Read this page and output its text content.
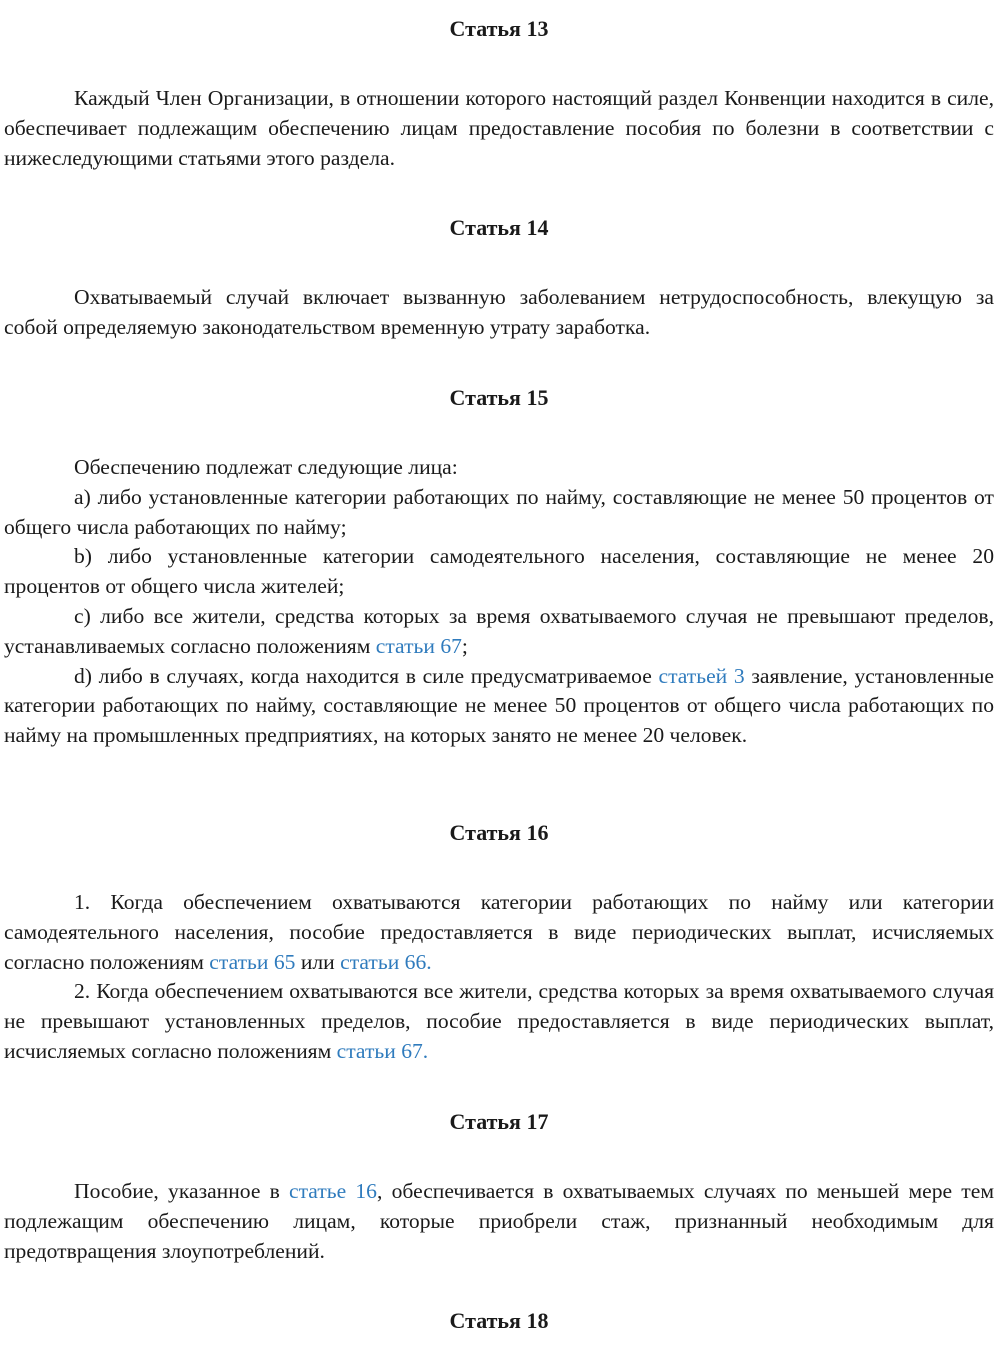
Статья 13

Каждый Член Организации, в отношении которого настоящий раздел Конвенции находится в силе, обеспечивает подлежащим обеспечению лицам предоставление пособия по болезни в соответствии с нижеследующими статьями этого раздела.

Статья 14

Охватываемый случай включает вызванную заболеванием нетрудоспособность, влекущую за собой определяемую законодательством временную утрату заработка.

Статья 15

Обеспечению подлежат следующие лица:

a) либо установленные категории работающих по найму, составляющие не менее 50 процентов от общего числа работающих по найму;

b) либо установленные категории самодеятельного населения, составляющие не менее 20 процентов от общего числа жителей;

c) либо все жители, средства которых за время охватываемого случая не превышают пределов, устанавливаемых согласно положениям статьи 67;

d) либо в случаях, когда находится в силе предусматриваемое статьей 3 заявление, установленные категории работающих по найму, составляющие не менее 50 процентов от общего числа работающих по найму на промышленных предприятиях, на которых занято не менее 20 человек.

Статья 16

1. Когда обеспечением охватываются категории работающих по найму или категории самодеятельного населения, пособие предоставляется в виде периодических выплат, исчисляемых согласно положениям статьи 65 или статьи 66.

2. Когда обеспечением охватываются все жители, средства которых за время охватываемого случая не превышают установленных пределов, пособие предоставляется в виде периодических выплат, исчисляемых согласно положениям статьи 67.

Статья 17

Пособие, указанное в статье 16, обеспечивается в охватываемых случаях по меньшей мере тем подлежащим обеспечению лицам, которые приобрели стаж, признанный необходимым для предотвращения злоупотреблений.

Статья 18
